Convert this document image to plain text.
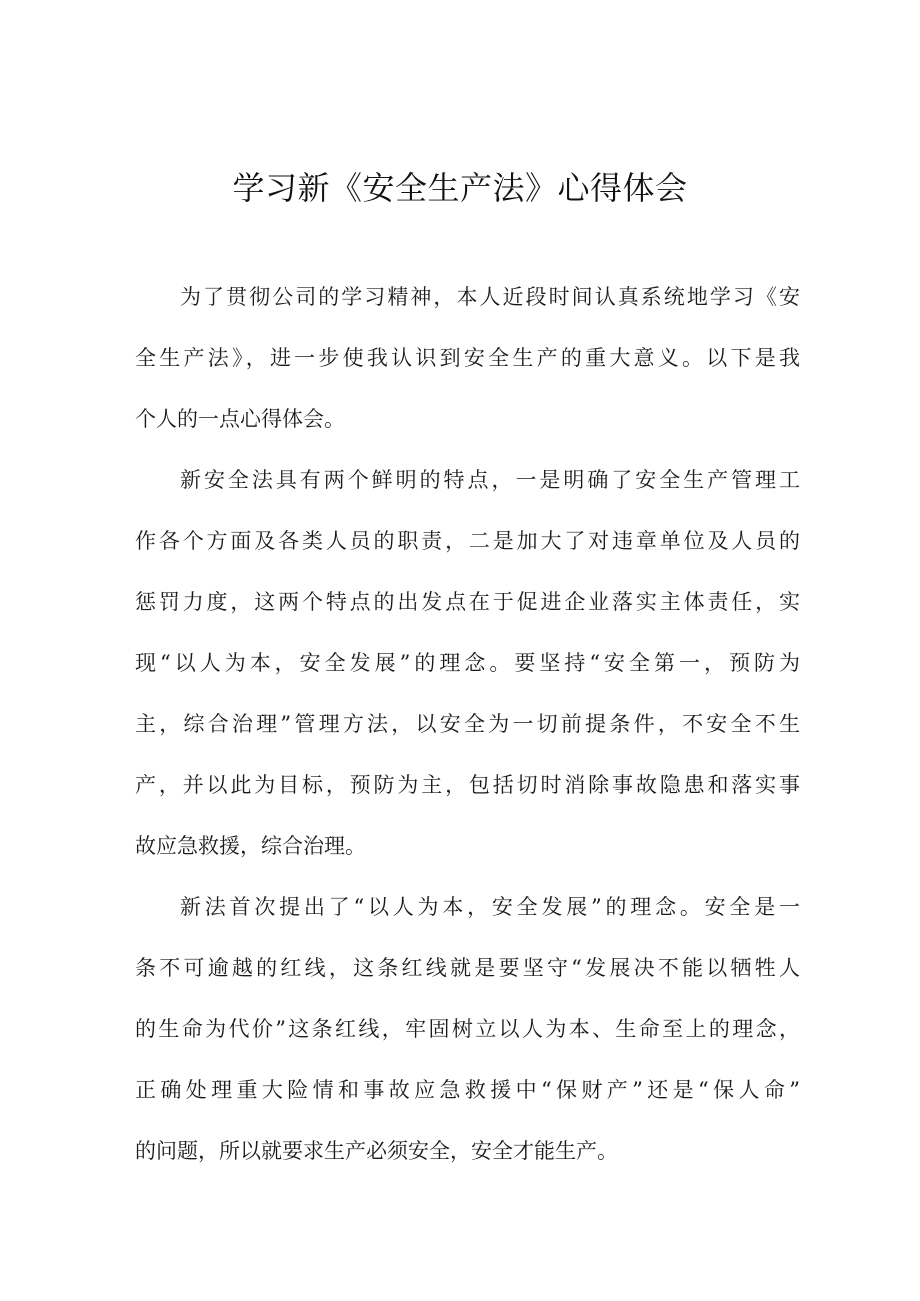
学习新《安全生产法》心得体会
为了贯彻公司的学习精神，本人近段时间认真系统地学习《安
全生产法》，进一步使我认识到安全生产的重大意义。以下是我
个人的一点心得体会。
新安全法具有两个鲜明的特点，一是明确了安全生产管理工
作各个方面及各类人员的职责，二是加大了对违章单位及人员的
惩罚力度，这两个特点的出发点在于促进企业落实主体责任，实
现“以人为本，安全发展”的理念。要坚持“安全第一，预防为
主，综合治理”管理方法，以安全为一切前提条件，不安全不生
产，并以此为目标，预防为主，包括切时消除事故隐患和落实事
故应急救援，综合治理。
新法首次提出了“以人为本，安全发展”的理念。安全是一
条不可逾越的红线，这条红线就是要坚守“发展决不能以牺牲人
的生命为代价”这条红线，牢固树立以人为本、生命至上的理念，
正确处理重大险情和事故应急救援中“保财产”还是“保人命”
的问题，所以就要求生产必须安全，安全才能生产。
